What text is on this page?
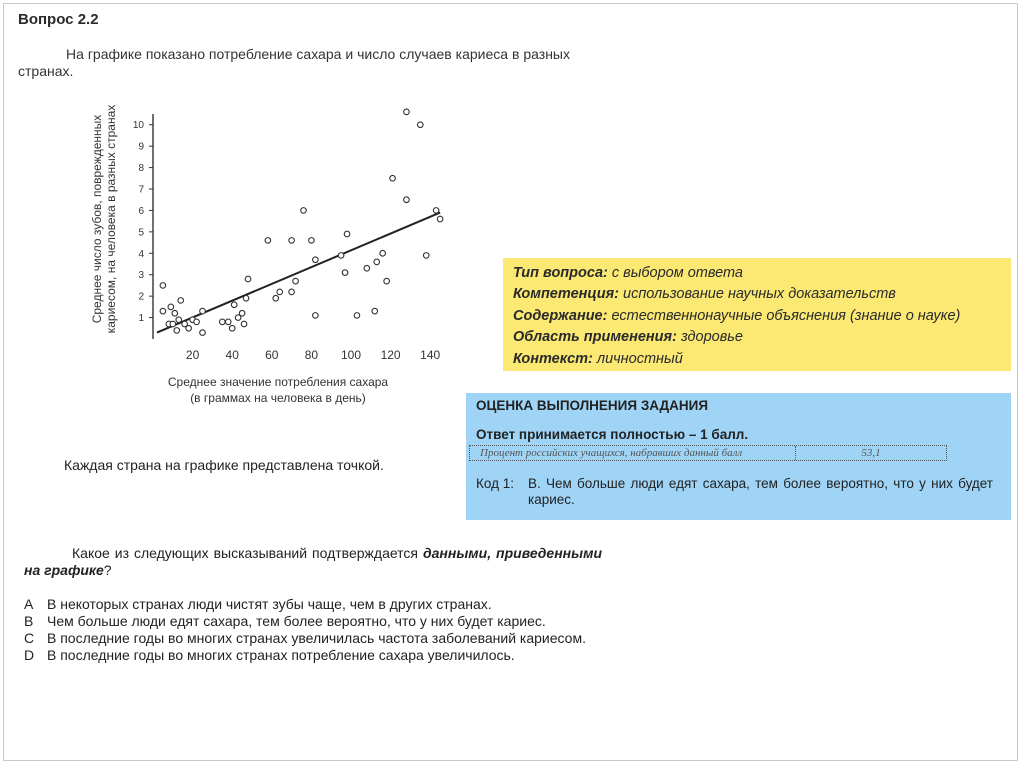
Вопрос 2.2
На графике показано потребление сахара и число случаев кариеса в разных странах.
1
2
3
4
5
6
7
8
9
10
20 40 60 80 100 120 140
Среднее число зубов, поврежденных кариесом, на человека в разных странах
Среднее значение потребления сахара
(в граммах на человека в день)
Каждая страна на графике представлена точкой.
Тип вопроса: с выбором ответа
Компетенция: использование научных доказательств
Содержание: естественнонаучные объяснения (знание о науке)
Область применения: здоровье
Контекст: личностный
ОЦЕНКА ВЫПОЛНЕНИЯ ЗАДАНИЯ
Ответ принимается полностью – 1 балл.
Процент российских учащихся, набравших данный балл	53,1
Код 1:	В. Чем больше люди едят сахара, тем более вероятно, что у них будет кариес.
Какое из следующих высказываний подтверждается данными, приведенными на графике?
A В некоторых странах люди чистят зубы чаще, чем в других странах.
B Чем больше люди едят сахара, тем более вероятно, что у них будет кариес.
C В последние годы во многих странах увеличилась частота заболеваний кариесом.
D В последние годы во многих странах потребление сахара увеличилось.
